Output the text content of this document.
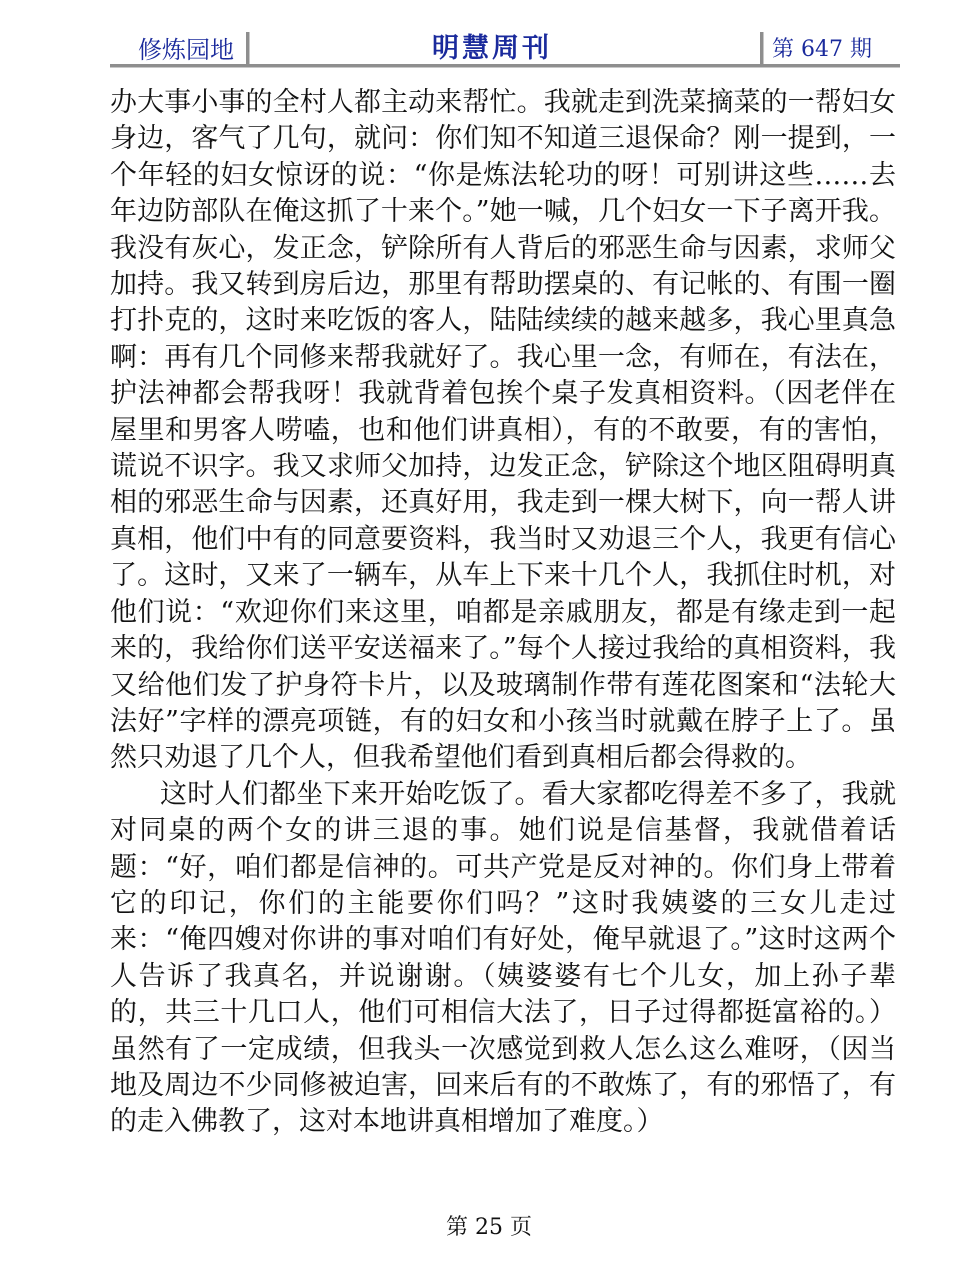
修炼园地	明慧周刊	第 647 期

办大事小事的全村人都主动来帮忙。我就走到洗菜摘菜的一帮妇女身边，客气了几句，就问：你们知不知道三退保命？刚一提到，一个年轻的妇女惊讶的说：“你是炼法轮功的呀！可别讲这些……去年边防部队在俺这抓了十来个。”她一喊，几个妇女一下子离开我。我没有灰心，发正念，铲除所有人背后的邪恶生命与因素，求师父加持。我又转到房后边，那里有帮助摆桌的、有记帐的、有围一圈打扑克的，这时来吃饭的客人，陆陆续续的越来越多，我心里真急啊：再有几个同修来帮我就好了。我心里一念，有师在，有法在，护法神都会帮我呀！我就背着包挨个桌子发真相资料。（因老伴在屋里和男客人唠嗑，也和他们讲真相），有的不敢要，有的害怕，谎说不识字。我又求师父加持，边发正念，铲除这个地区阻碍明真相的邪恶生命与因素，还真好用，我走到一棵大树下，向一帮人讲真相，他们中有的同意要资料，我当时又劝退三个人，我更有信心了。这时，又来了一辆车，从车上下来十几个人，我抓住时机，对他们说：“欢迎你们来这里，咱都是亲戚朋友，都是有缘走到一起来的，我给你们送平安送福来了。”每个人接过我给的真相资料，我又给他们发了护身符卡片，以及玻璃制作带有莲花图案和“法轮大法好”字样的漂亮项链，有的妇女和小孩当时就戴在脖子上了。虽然只劝退了几个人，但我希望他们看到真相后都会得救的。

这时人们都坐下来开始吃饭了。看大家都吃得差不多了，我就对同桌的两个女的讲三退的事。她们说是信基督，我就借着话题：“好，咱们都是信神的。可共产党是反对神的。你们身上带着它的印记，你们的主能要你们吗？”这时我姨婆的三女儿走过来：“俺四嫂对你讲的事对咱们有好处，俺早就退了。”这时这两个人告诉了我真名，并说谢谢。（姨婆婆有七个儿女，加上孙子辈的，共三十几口人，他们可相信大法了，日子过得都挺富裕的。）虽然有了一定成绩，但我头一次感觉到救人怎么这么难呀，（因当地及周边不少同修被迫害，回来后有的不敢炼了，有的邪悟了，有的走入佛教了，这对本地讲真相增加了难度。）

第 25 页
